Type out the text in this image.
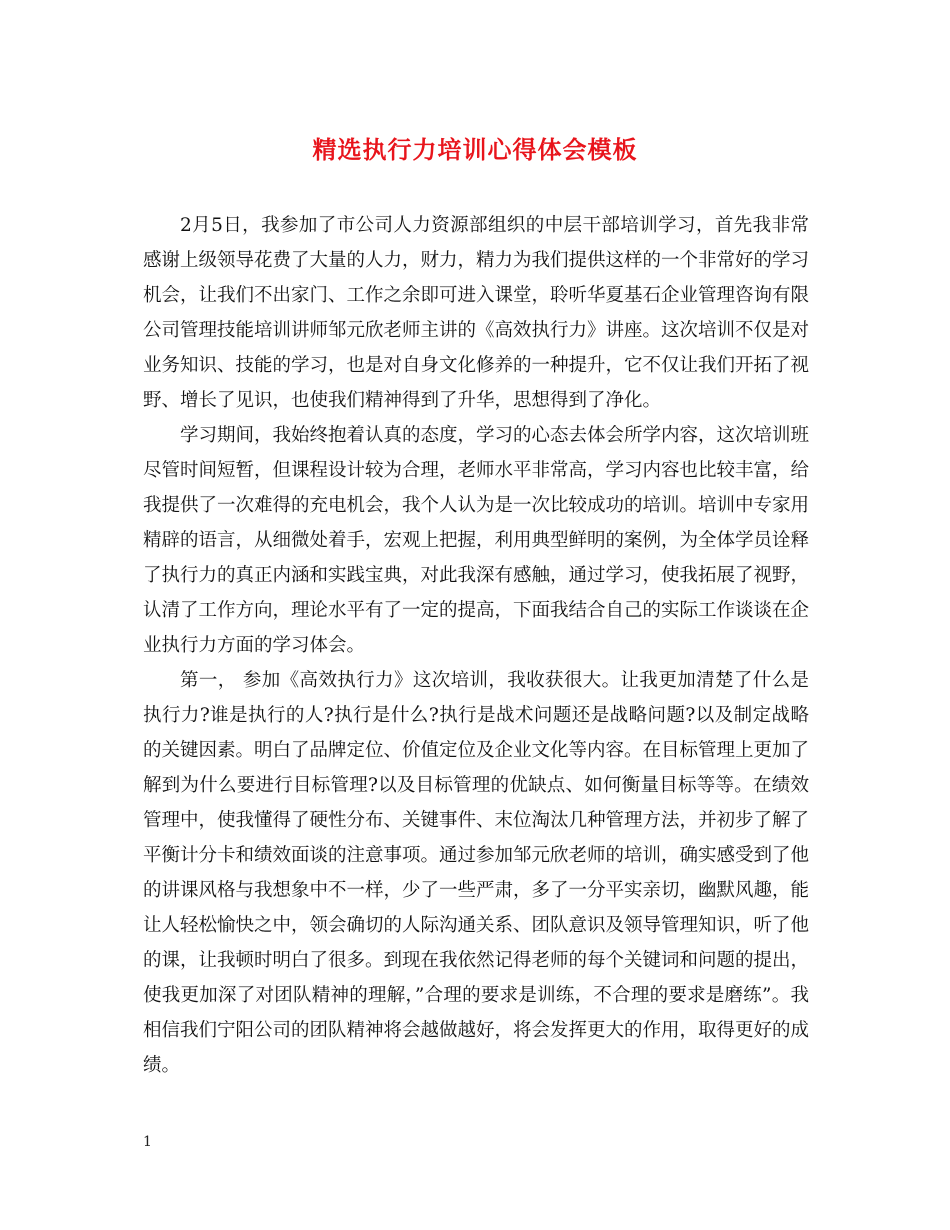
精选执行力培训心得体会模板

2月5日，我参加了市公司人力资源部组织的中层干部培训学习，首先我非常感谢上级领导花费了大量的人力，财力，精力为我们提供这样的一个非常好的学习机会，让我们不出家门、工作之余即可进入课堂，聆听华夏基石企业管理咨询有限公司管理技能培训讲师邹元欣老师主讲的《高效执行力》讲座。这次培训不仅是对业务知识、技能的学习，也是对自身文化修养的一种提升，它不仅让我们开拓了视野、增长了见识，也使我们精神得到了升华，思想得到了净化。

学习期间，我始终抱着认真的态度，学习的心态去体会所学内容，这次培训班尽管时间短暂，但课程设计较为合理，老师水平非常高，学习内容也比较丰富，给我提供了一次难得的充电机会，我个人认为是一次比较成功的培训。培训中专家用精辟的语言，从细微处着手，宏观上把握，利用典型鲜明的案例，为全体学员诠释了执行力的真正内涵和实践宝典，对此我深有感触，通过学习，使我拓展了视野，认清了工作方向，理论水平有了一定的提高，下面我结合自己的实际工作谈谈在企业执行力方面的学习体会。

第一， 参加《高效执行力》这次培训，我收获很大。让我更加清楚了什么是执行力?谁是执行的人?执行是什么?执行是战术问题还是战略问题?以及制定战略的关键因素。明白了品牌定位、价值定位及企业文化等内容。在目标管理上更加了解到为什么要进行目标管理?以及目标管理的优缺点、如何衡量目标等等。在绩效管理中，使我懂得了硬性分布、关键事件、末位淘汰几种管理方法，并初步了解了平衡计分卡和绩效面谈的注意事项。通过参加邹元欣老师的培训，确实感受到了他的讲课风格与我想象中不一样，少了一些严肃，多了一分平实亲切，幽默风趣，能让人轻松愉快之中，领会确切的人际沟通关系、团队意识及领导管理知识，听了他的课，让我顿时明白了很多。到现在我依然记得老师的每个关键词和问题的提出，使我更加深了对团队精神的理解，”合理的要求是训练，不合理的要求是磨练”。我相信我们宁阳公司的团队精神将会越做越好，将会发挥更大的作用，取得更好的成绩。

1
